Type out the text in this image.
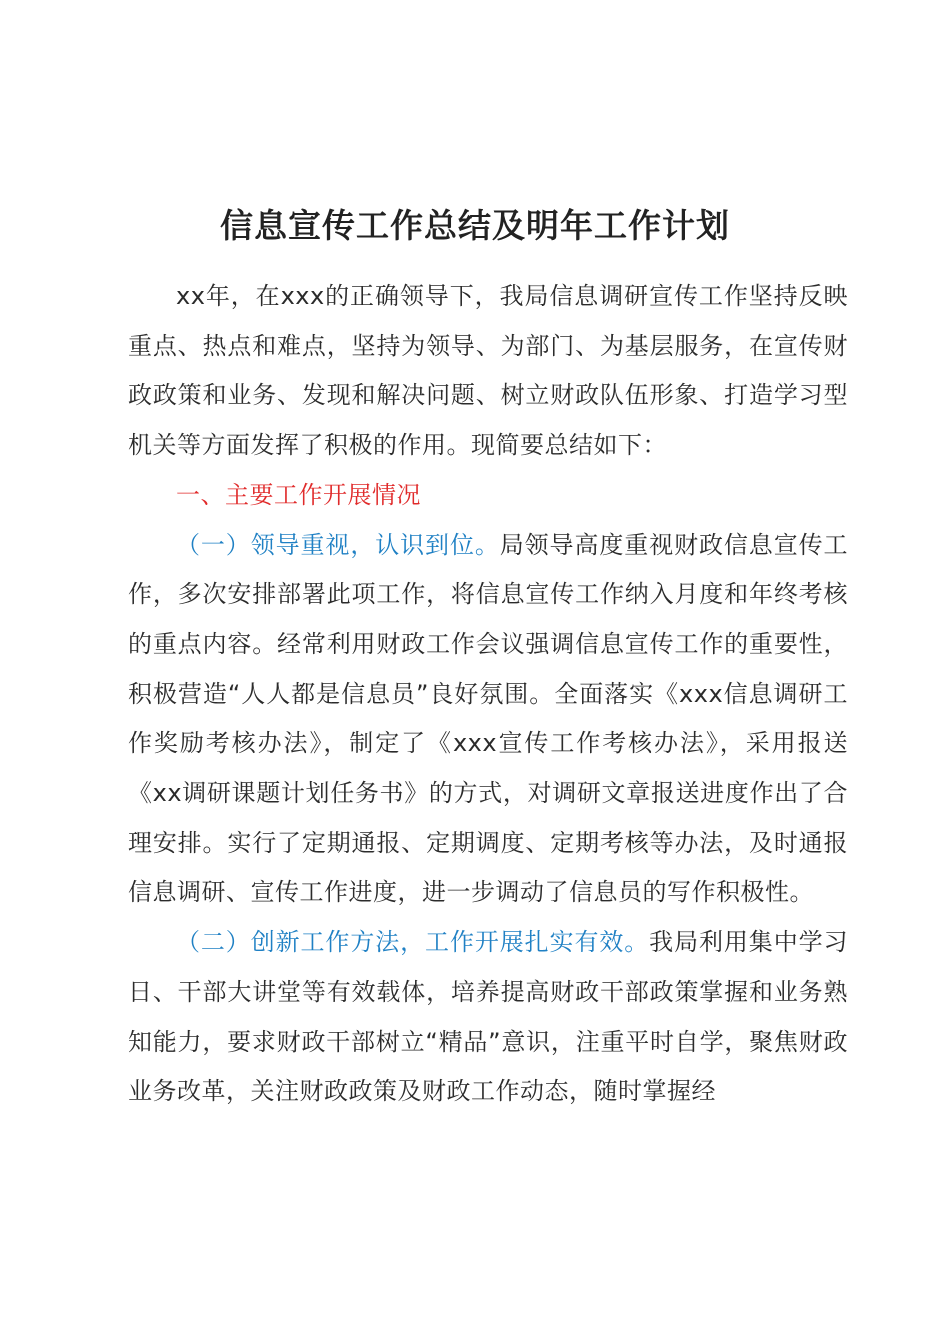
信息宣传工作总结及明年工作计划

xx年，在xxx的正确领导下，我局信息调研宣传工作坚持反映重点、热点和难点，坚持为领导、为部门、为基层服务，在宣传财政政策和业务、发现和解决问题、树立财政队伍形象、打造学习型机关等方面发挥了积极的作用。现简要总结如下：

一、主要工作开展情况

（一）领导重视，认识到位。局领导高度重视财政信息宣传工作，多次安排部署此项工作，将信息宣传工作纳入月度和年终考核的重点内容。经常利用财政工作会议强调信息宣传工作的重要性，积极营造“人人都是信息员”良好氛围。全面落实《xxx信息调研工作奖励考核办法》，制定了《xxx宣传工作考核办法》，采用报送《xx调研课题计划任务书》的方式，对调研文章报送进度作出了合理安排。实行了定期通报、定期调度、定期考核等办法，及时通报信息调研、宣传工作进度，进一步调动了信息员的写作积极性。

（二）创新工作方法，工作开展扎实有效。我局利用集中学习日、干部大讲堂等有效载体，培养提高财政干部政策掌握和业务熟知能力，要求财政干部树立“精品”意识，注重平时自学，聚焦财政业务改革，关注财政政策及财政工作动态，随时掌握经
